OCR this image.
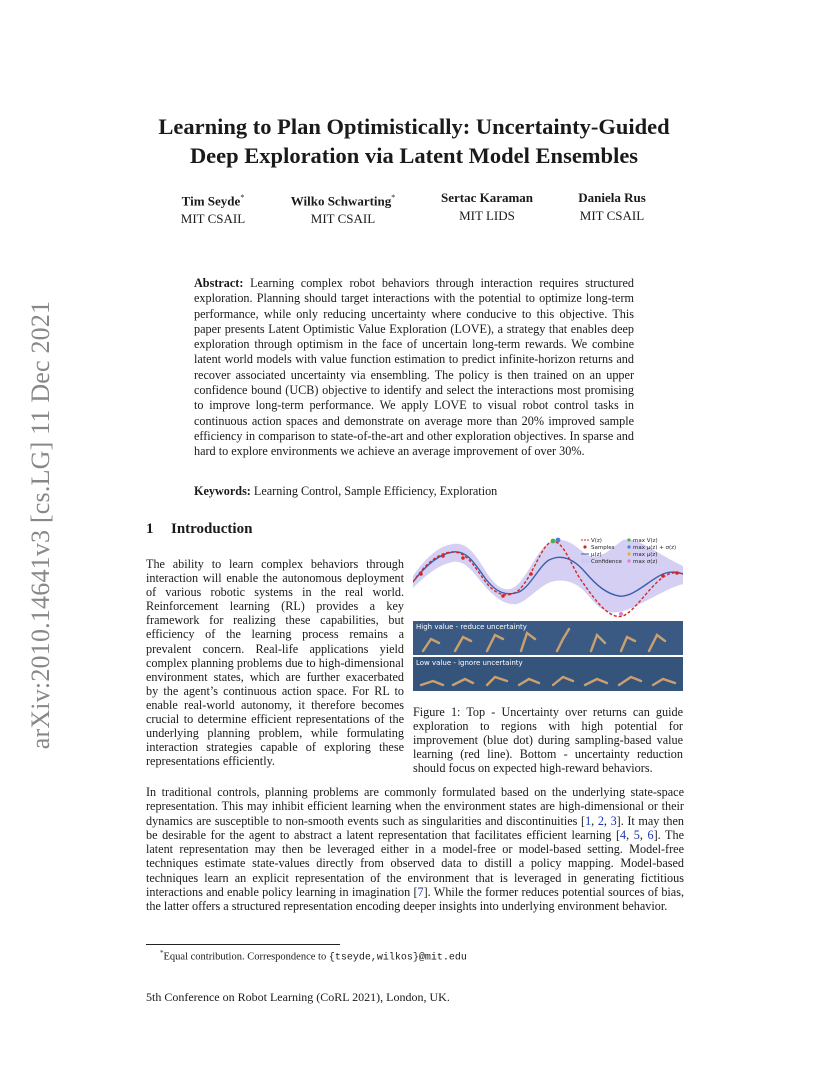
arXiv:2010.14641v3 [cs.LG] 11 Dec 2021
Learning to Plan Optimistically: Uncertainty-Guided
Deep Exploration via Latent Model Ensembles
Tim Seyde*
MIT CSAIL
Wilko Schwarting*
MIT CSAIL
Sertac Karaman
MIT LIDS
Daniela Rus
MIT CSAIL
Abstract: Learning complex robot behaviors through interaction requires structured exploration. Planning should target interactions with the potential to optimize long-term performance, while only reducing uncertainty where conducive to this objective. This paper presents Latent Optimistic Value Exploration (LOVE), a strategy that enables deep exploration through optimism in the face of uncertain long-term rewards. We combine latent world models with value function estimation to predict infinite-horizon returns and recover associated uncertainty via ensembling. The policy is then trained on an upper confidence bound (UCB) objective to identify and select the interactions most promising to improve long-term performance. We apply LOVE to visual robot control tasks in continuous action spaces and demonstrate on average more than 20% improved sample efficiency in comparison to state-of-the-art and other exploration objectives. In sparse and hard to explore environments we achieve an average improvement of over 30%.
Keywords: Learning Control, Sample Efficiency, Exploration
1 Introduction
The ability to learn complex behaviors through interaction will enable the autonomous deployment of various robotic systems in the real world. Reinforcement learning (RL) provides a key framework for realizing these capabilities, but efficiency of the learning process remains a prevalent concern. Real-life applications yield complex planning problems due to high-dimensional environment states, which are further exacerbated by the agent’s continuous action space. For RL to enable real-world autonomy, it therefore becomes crucial to determine efficient representations of the underlying planning problem, while formulating interaction strategies capable of exploring these representations efficiently.
V(z)
Samples
μ(z)
Confidence
max V(z)
max μ(z) + σ(z)
max μ(z)
max σ(z)
High value - reduce uncertainty
Low value - ignore uncertainty
Figure 1: Top - Uncertainty over returns can guide exploration to regions with high potential for improvement (blue dot) during sampling-based value learning (red line). Bottom - uncertainty reduction should focus on expected high-reward behaviors.
In traditional controls, planning problems are commonly formulated based on the underlying state-space representation. This may inhibit efficient learning when the environment states are high-dimensional or their dynamics are susceptible to non-smooth events such as singularities and discontinuities [1, 2, 3]. It may then be desirable for the agent to abstract a latent representation that facilitates efficient learning [4, 5, 6]. The latent representation may then be leveraged either in a model-free or model-based setting. Model-free techniques estimate state-values directly from observed data to distill a policy mapping. Model-based techniques learn an explicit representation of the environment that is leveraged in generating fictitious interactions and enable policy learning in imagination [7]. While the former reduces potential sources of bias, the latter offers a structured representation encoding deeper insights into underlying environment behavior.
*Equal contribution. Correspondence to {tseyde,wilkos}@mit.edu
5th Conference on Robot Learning (CoRL 2021), London, UK.
